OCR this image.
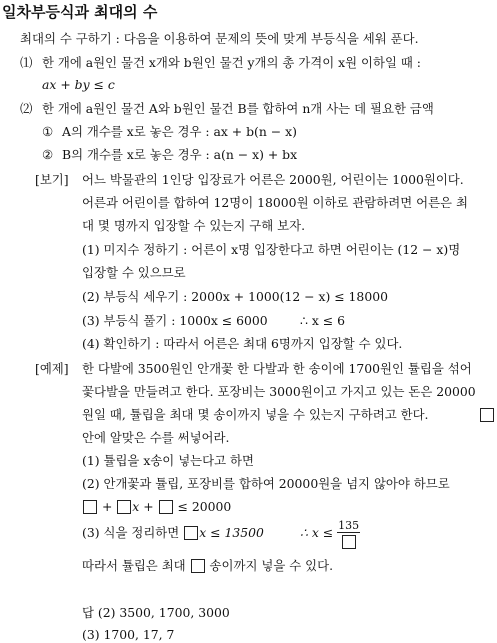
일차부등식과 최대의 수
최대의 수 구하기 : 다음을 이용하여 문제의 뜻에 맞게 부등식을 세워 푼다.
⑴ 한 개에 a원인 물건 x개와 b원인 물건 y개의 총 가격이 x원 이하일 때 :
ax + by ≤ c
⑵ 한 개에 a원인 물건 A와 b원인 물건 B를 합하여 n개 사는 데 필요한 금액
① A의 개수를 x로 놓은 경우 : ax + b(n − x)
② B의 개수를 x로 놓은 경우 : a(n − x) + bx
[보기] 어느 박물관의 1인당 입장료가 어른은 2000원, 어린이는 1000원이다.
어른과 어린이를 합하여 12명이 18000원 이하로 관람하려면 어른은 최
대 몇 명까지 입장할 수 있는지 구해 보자.
(1) 미지수 정하기 : 어른이 x명 입장한다고 하면 어린이는 (12 − x)명
입장할 수 있으므로
(2) 부등식 세우기 : 2000x + 1000(12 − x) ≤ 18000
(3) 부등식 풀기 : 1000x ≤ 6000	∴ x ≤ 6
(4) 확인하기 : 따라서 어른은 최대 6명까지 입장할 수 있다.
[예제] 한 다발에 3500원인 안개꽃 한 다발과 한 송이에 1700원인 튤립을 섞어
꽃다발을 만들려고 한다. 포장비는 3000원이고 가지고 있는 돈은 20000
원일 때, 튤립을 최대 몇 송이까지 넣을 수 있는지 구하려고 한다.
안에 알맞은 수를 써넣어라.
(1) 튤립을 x송이 넣는다고 하면
(2) 안개꽃과 튤립, 포장비를 합하여 20000원을 넘지 않아야 하므로
+ x + ≤ 20000
(3) 식을 정리하면 x ≤ 13500	∴ x ≤ 135
따라서 튤립은 최대 송이까지 넣을 수 있다.
답 (2) 3500, 1700, 3000
(3) 1700, 17, 7
